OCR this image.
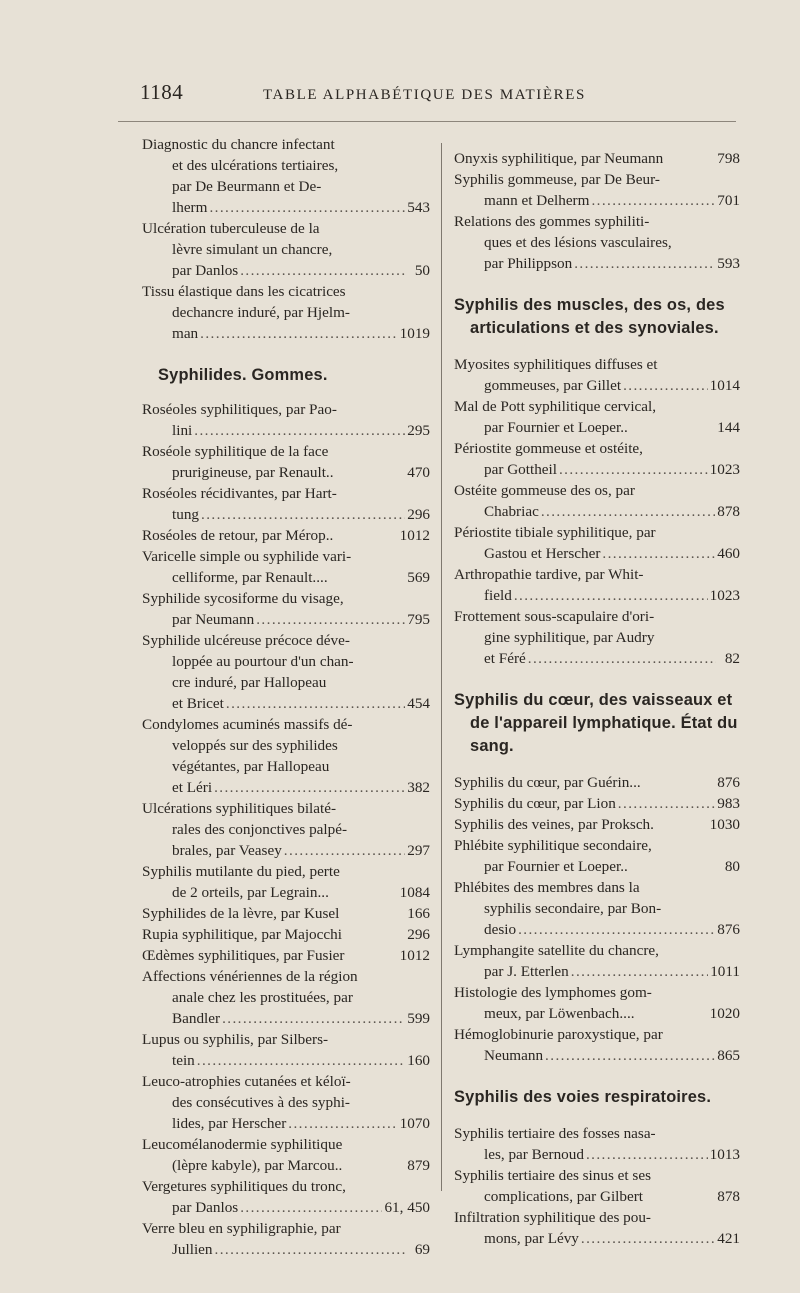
1184	TABLE ALPHABÉTIQUE DES MATIÈRES
Diagnostic du chancre infectant
et des ulcérations tertiaires,
par De Beurmann et De-
lherm .....	543
Ulcération tuberculeuse de la
lèvre simulant un chancre,
par Danlos .....	50
Tissu élastique dans les cicatrices
dechancre induré, par Hjelm-
man .....	1019
Syphilides. Gommes.
Roséoles syphilitiques, par Pao-
lini .....	295
Roséole syphilitique de la face
prurigineuse, par Renault..	470
Roséoles récidivantes, par Hart-
tung .....	296
Roséoles de retour, par Mérop..	1012
Varicelle simple ou syphilide vari-
celliforme, par Renault....	569
Syphilide sycosiforme du visage,
par Neumann .....	795
Syphilide ulcéreuse précoce déve-
loppée au pourtour d'un chan-
cre induré, par Hallopeau
et Bricet .....	454
Condylomes acuminés massifs dé-
veloppés sur des syphilides
végétantes, par Hallopeau
et Léri .....	382
Ulcérations syphilitiques bilaté-
rales des conjonctives palpé-
brales, par Veasey .....	297
Syphilis mutilante du pied, perte
de 2 orteils, par Legrain...	1084
Syphilides de la lèvre, par Kusel	166
Rupia syphilitique, par Majocchi	296
Œdèmes syphilitiques, par Fusier	1012
Affections vénériennes de la région
anale chez les prostituées, par
Bandler .....	599
Lupus ou syphilis, par Silbers-
tein .....	160
Leuco-atrophies cutanées et kéloï-
des consécutives à des syphi-
lides, par Herscher .....	1070
Leucomélanodermie syphilitique
(lèpre kabyle), par Marcou..	879
Vergetures syphilitiques du tronc,
par Danlos .....	61, 450
Verre bleu en syphiligraphie, par
Jullien .....	69
Onyxis syphilitique, par Neumann	798
Syphilis gommeuse, par De Beur-
mann et Delherm .....	701
Relations des gommes syphiliti-
ques et des lésions vasculaires,
par Philippson .....	593
Syphilis des muscles, des os, des
articulations et des synoviales.
Myosites syphilitiques diffuses et
gommeuses, par Gillet .....	1014
Mal de Pott syphilitique cervical,
par Fournier et Loeper..	144
Périostite gommeuse et ostéite,
par Gottheil .....	1023
Ostéite gommeuse des os, par
Chabriac .....	878
Périostite tibiale syphilitique, par
Gastou et Herscher .....	460
Arthropathie tardive, par Whit-
field .....	1023
Frottement sous-scapulaire d'ori-
gine syphilitique, par Audry
et Féré .....	82
Syphilis du cœur, des vaisseaux et
de l'appareil lymphatique. État du
sang.
Syphilis du cœur, par Guérin...	876
Syphilis du cœur, par Lion .....	983
Syphilis des veines, par Proksch.	1030
Phlébite syphilitique secondaire,
par Fournier et Loeper..	80
Phlébites des membres dans la
syphilis secondaire, par Bon-
desio .....	876
Lymphangite satellite du chancre,
par J. Etterlen .....	1011
Histologie des lymphomes gom-
meux, par Löwenbach....	1020
Hémoglobinurie paroxystique, par
Neumann .....	865
Syphilis des voies respiratoires.
Syphilis tertiaire des fosses nasa-
les, par Bernoud .....	1013
Syphilis tertiaire des sinus et ses
complications, par Gilbert	878
Infiltration syphilitique des pou-
mons, par Lévy .....	421
